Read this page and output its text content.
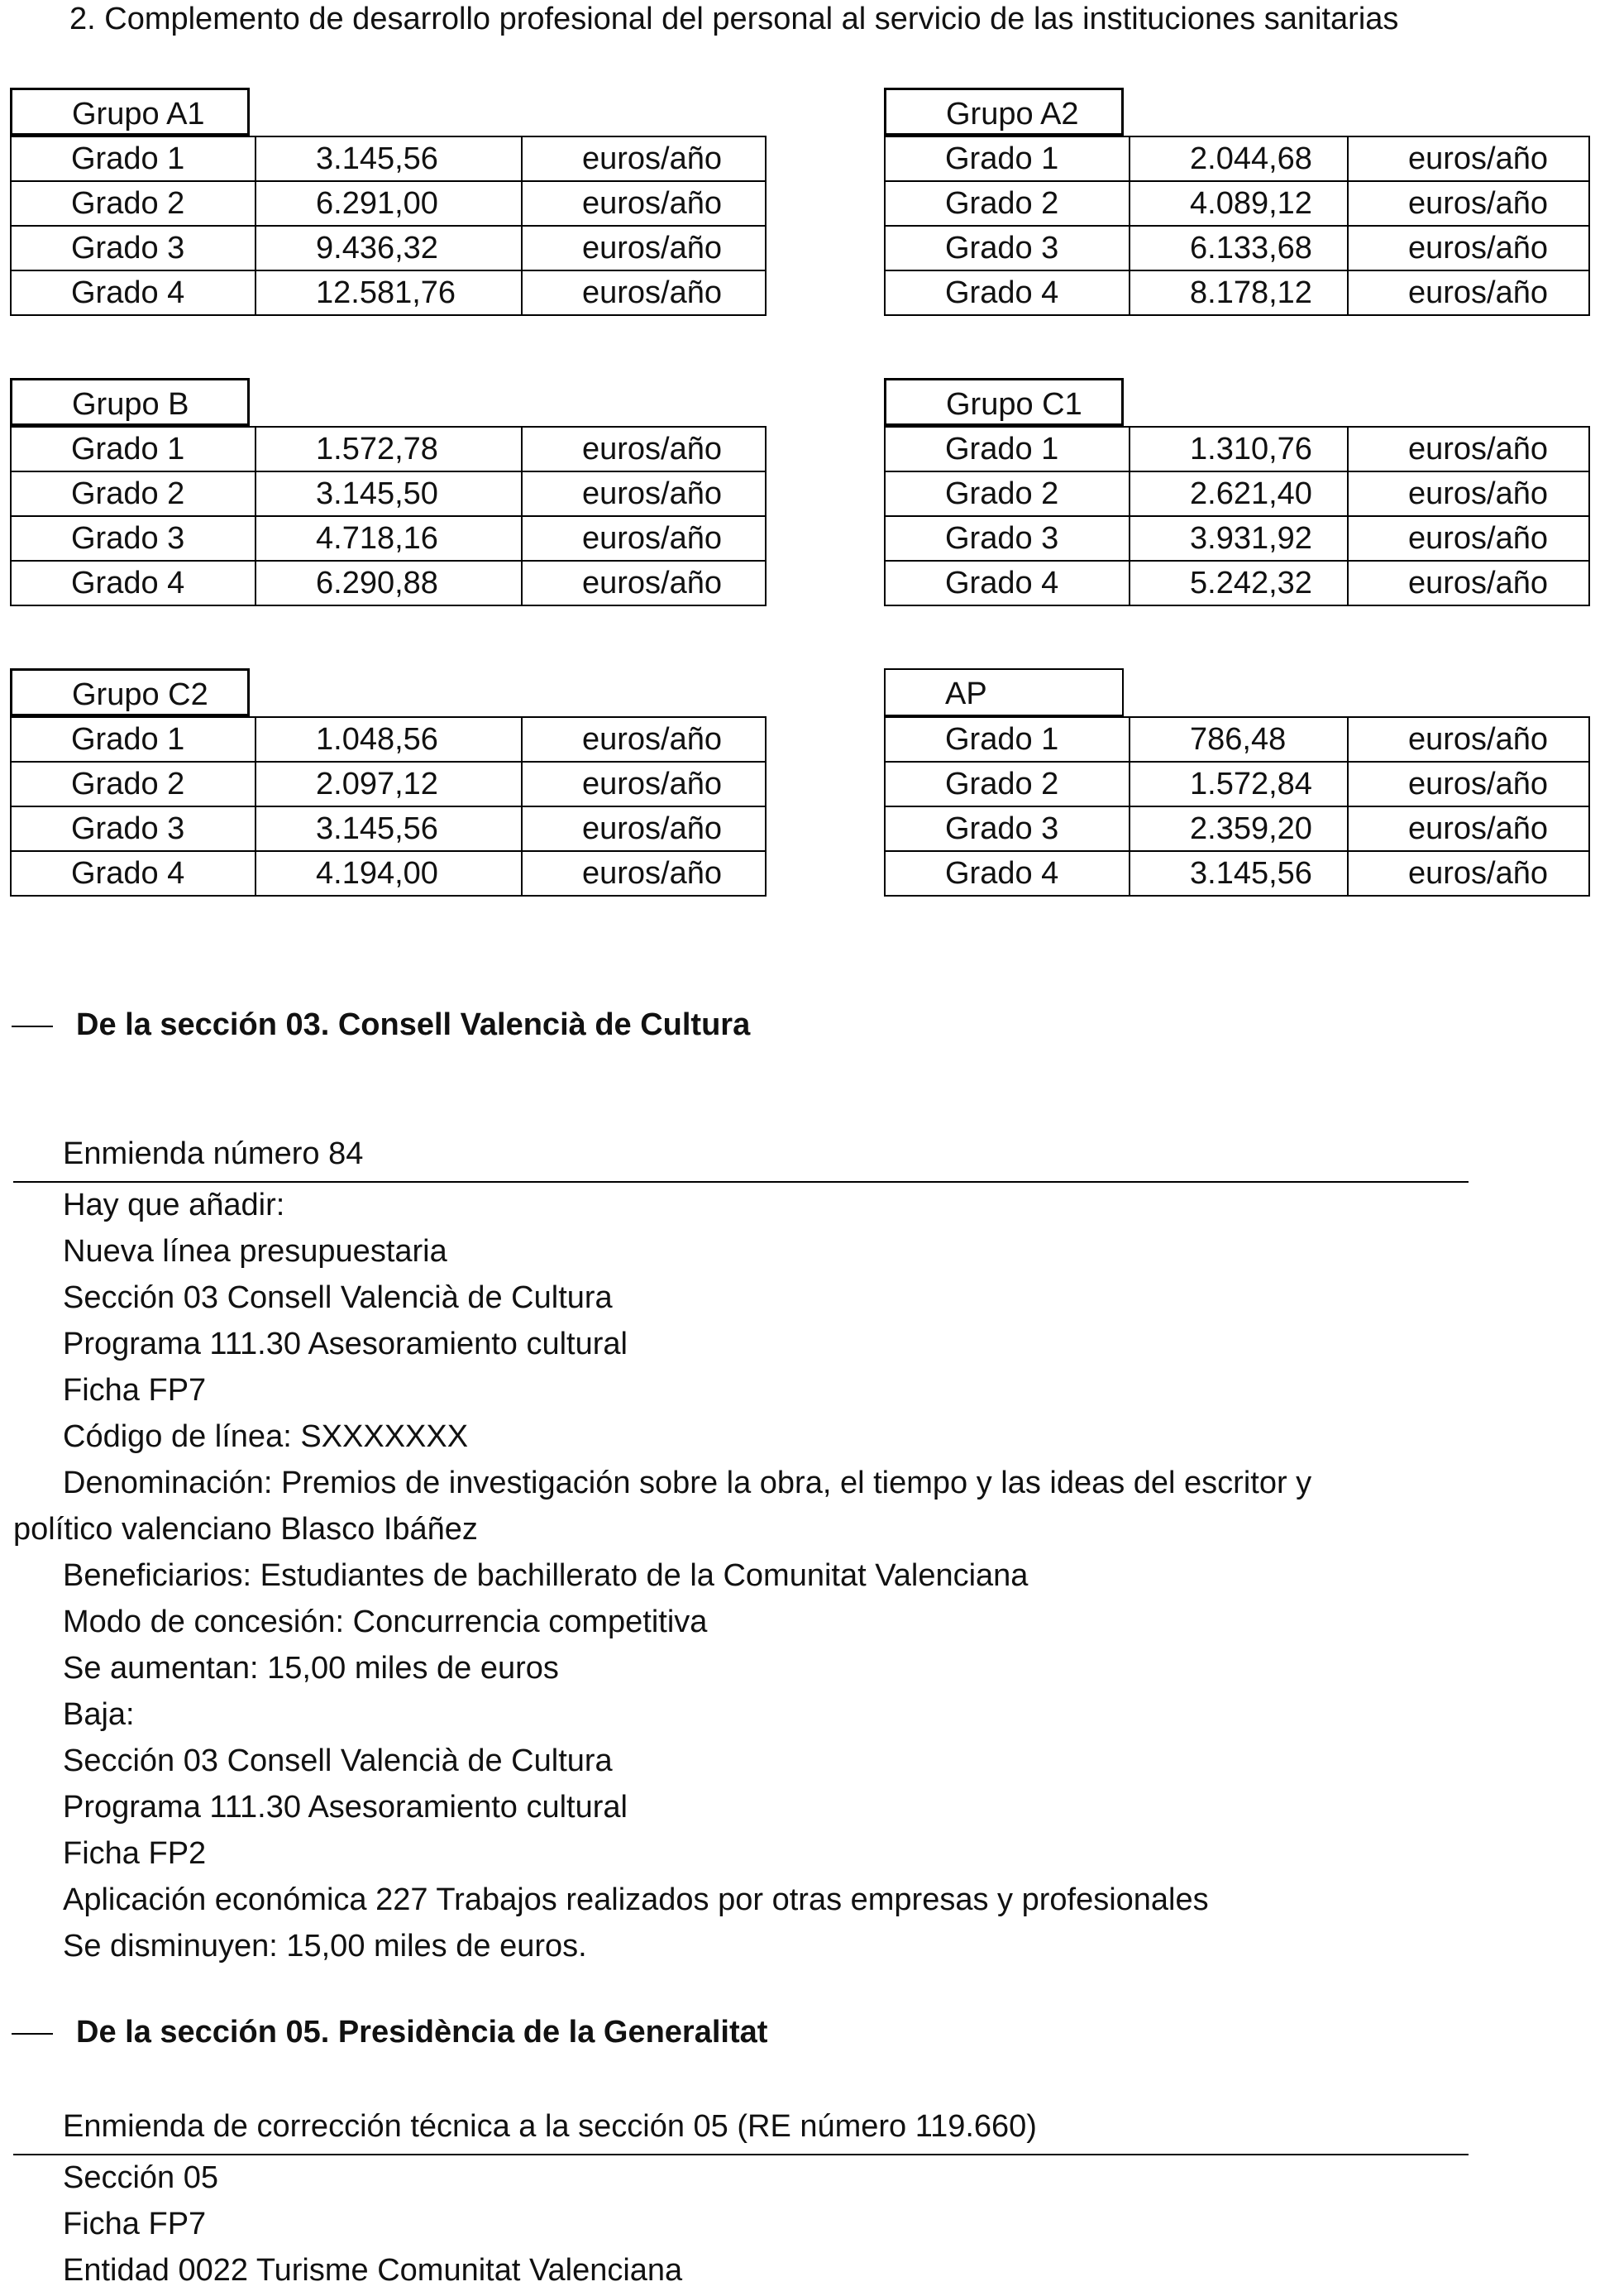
2. Complemento de desarrollo profesional del personal al servicio de las instituciones sanitarias
Grupo A1
Grado 1	3.145,56	euros/año
Grado 2	6.291,00	euros/año
Grado 3	9.436,32	euros/año
Grado 4	12.581,76	euros/año
Grupo A2
Grado 1	2.044,68	euros/año
Grado 2	4.089,12	euros/año
Grado 3	6.133,68	euros/año
Grado 4	8.178,12	euros/año
Grupo B
Grado 1	1.572,78	euros/año
Grado 2	3.145,50	euros/año
Grado 3	4.718,16	euros/año
Grado 4	6.290,88	euros/año
Grupo C1
Grado 1	1.310,76	euros/año
Grado 2	2.621,40	euros/año
Grado 3	3.931,92	euros/año
Grado 4	5.242,32	euros/año
Grupo C2
Grado 1	1.048,56	euros/año
Grado 2	2.097,12	euros/año
Grado 3	3.145,56	euros/año
Grado 4	4.194,00	euros/año
AP
Grado 1	786,48	euros/año
Grado 2	1.572,84	euros/año
Grado 3	2.359,20	euros/año
Grado 4	3.145,56	euros/año
De la sección 03. Consell Valencià de Cultura
Enmienda número 84
Hay que añadir:
Nueva línea presupuestaria
Sección 03 Consell Valencià de Cultura
Programa 111.30 Asesoramiento cultural
Ficha FP7
Código de línea: SXXXXXXX
Denominación: Premios de investigación sobre la obra, el tiempo y las ideas del escritor y
político valenciano Blasco Ibáñez
Beneficiarios: Estudiantes de bachillerato de la Comunitat Valenciana
Modo de concesión: Concurrencia competitiva
Se aumentan: 15,00 miles de euros
Baja:
Sección 03 Consell Valencià de Cultura
Programa 111.30 Asesoramiento cultural
Ficha FP2
Aplicación económica 227 Trabajos realizados por otras empresas y profesionales
Se disminuyen: 15,00 miles de euros.
De la sección 05. Presidència de la Generalitat
Enmienda de corrección técnica a la sección 05 (RE número 119.660)
Sección 05
Ficha FP7
Entidad 0022 Turisme Comunitat Valenciana
